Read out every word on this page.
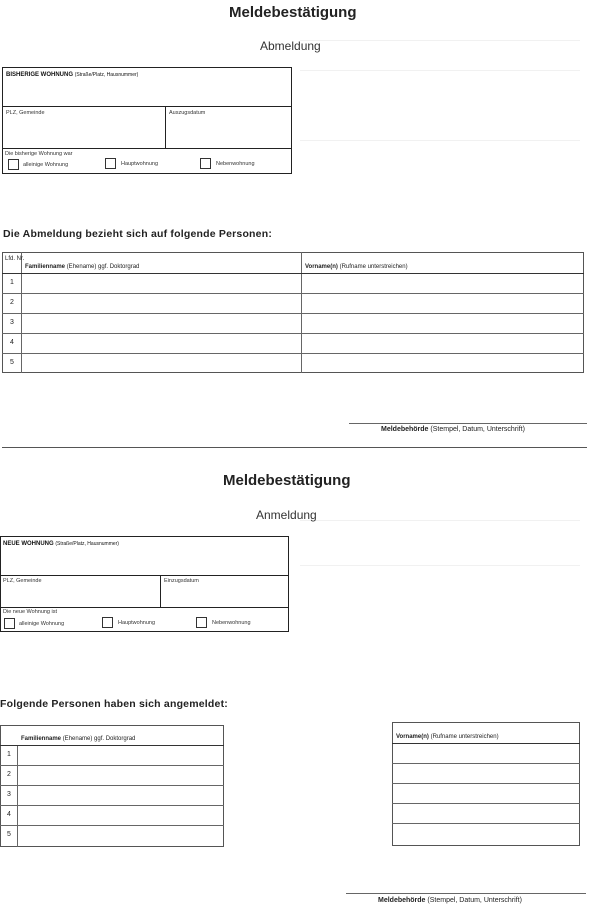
Meldebestätigung
Abmeldung
BISHERIGE WOHNUNG (Straße/Platz, Hausnummer)
PLZ, Gemeinde	Auszugsdatum
Die bisherige Wohnung war
alleinige Wohnung	Hauptwohnung	Nebenwohnung
Die Abmeldung bezieht sich auf folgende Personen:
Lfd. Nr.
Familienname (Ehename) ggf. Doktorgrad	Vorname(n) (Rufname unterstreichen)
1
2
3
4
5
Meldebehörde (Stempel, Datum, Unterschrift)
Meldebestätigung
Anmeldung
NEUE WOHNUNG (Straße/Platz, Hausnummer)
PLZ, Gemeinde	Einzugsdatum
Die neue Wohnung ist
alleinige Wohnung	Hauptwohnung	Nebenwohnung
Folgende Personen haben sich angemeldet:
Familienname (Ehename) ggf. Doktorgrad
1
2
3
4
5
Vorname(n) (Rufname unterstreichen)
Meldebehörde (Stempel, Datum, Unterschrift)
